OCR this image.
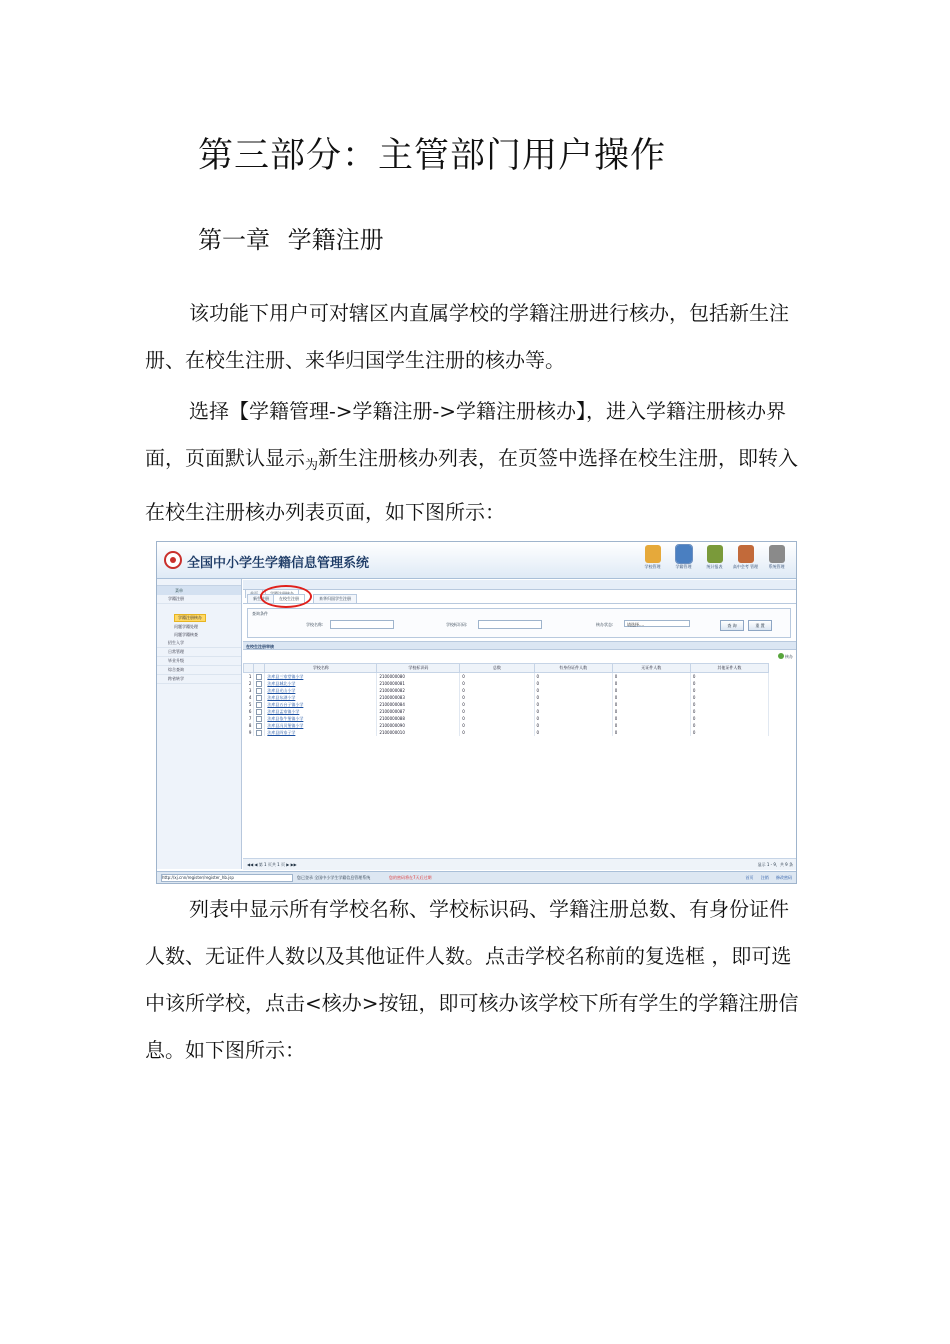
第三部分：主管部门用户操作
第一章 学籍注册
该功能下用户可对辖区内直属学校的学籍注册进行核办，包括新生注册、在校生注册、来华归国学生注册的核办等。
选择【学籍管理->学籍注册->学籍注册核办】，进入学籍注册核办界面，页面默认显示$_为$新生注册核办列表，在页签中选择在校生注册，即转入在校生注册核办列表页面，如下图所示：
全国中小学生学籍信息管理系统	学校管理	学籍管理	统计报表	高中会考 管理	系统管理
菜单
学籍注册
学籍注册核办
问题学籍处理
问题学籍核查
招生入学
日常管理
毕业升级
综合查询
跨省转学
新生注册	在校生注册	来华归国学生注册
查询条件
学校名称:	学校标识码:	核办状态:	请选择....	查 询	重 置
在校生注册审核
核办
		学校名称	学校标识码	总数	有身份证件人数	无证件人数	其他证件人数
1		法库县三家堂镇小学	2100000080	0	0	0	0
2		法库县城北小学	2100000081	0	0	0	0
3		法库县光山小学	2100000082	0	0	0	0
4		法库县东湖小学	2100000083	0	0	0	0
5		法库县五台子镇小学	2100000084	0	0	0	0
6		法库县孟家镇小学	2100000087	0	0	0	0
7		法库县依牛堡镇小学	2100000088	0	0	0	0
8		法库县冯贝堡镇小学	2100000090	0	0	0	0
9		法库县四家子学	2100000010	0	0	0	0
◀◀ ◀ 第 1 页共 1 页 ▶ ▶▶	显示 1 - 9，共 9 条
http://xj.cnn/register/register_hb.jsp	您已登录 全国中小学生学籍信息管理系统	您的密码将在7天后过期	首页 注销 修改密码
列表中显示所有学校名称、学校标识码、学籍注册总数、有身份证件人数、无证件人数以及其他证件人数。点击学校名称前的复选框 ，即可选中该所学校，点击<核办>按钮，即可核办该学校下所有学生的学籍注册信息。如下图所示：
